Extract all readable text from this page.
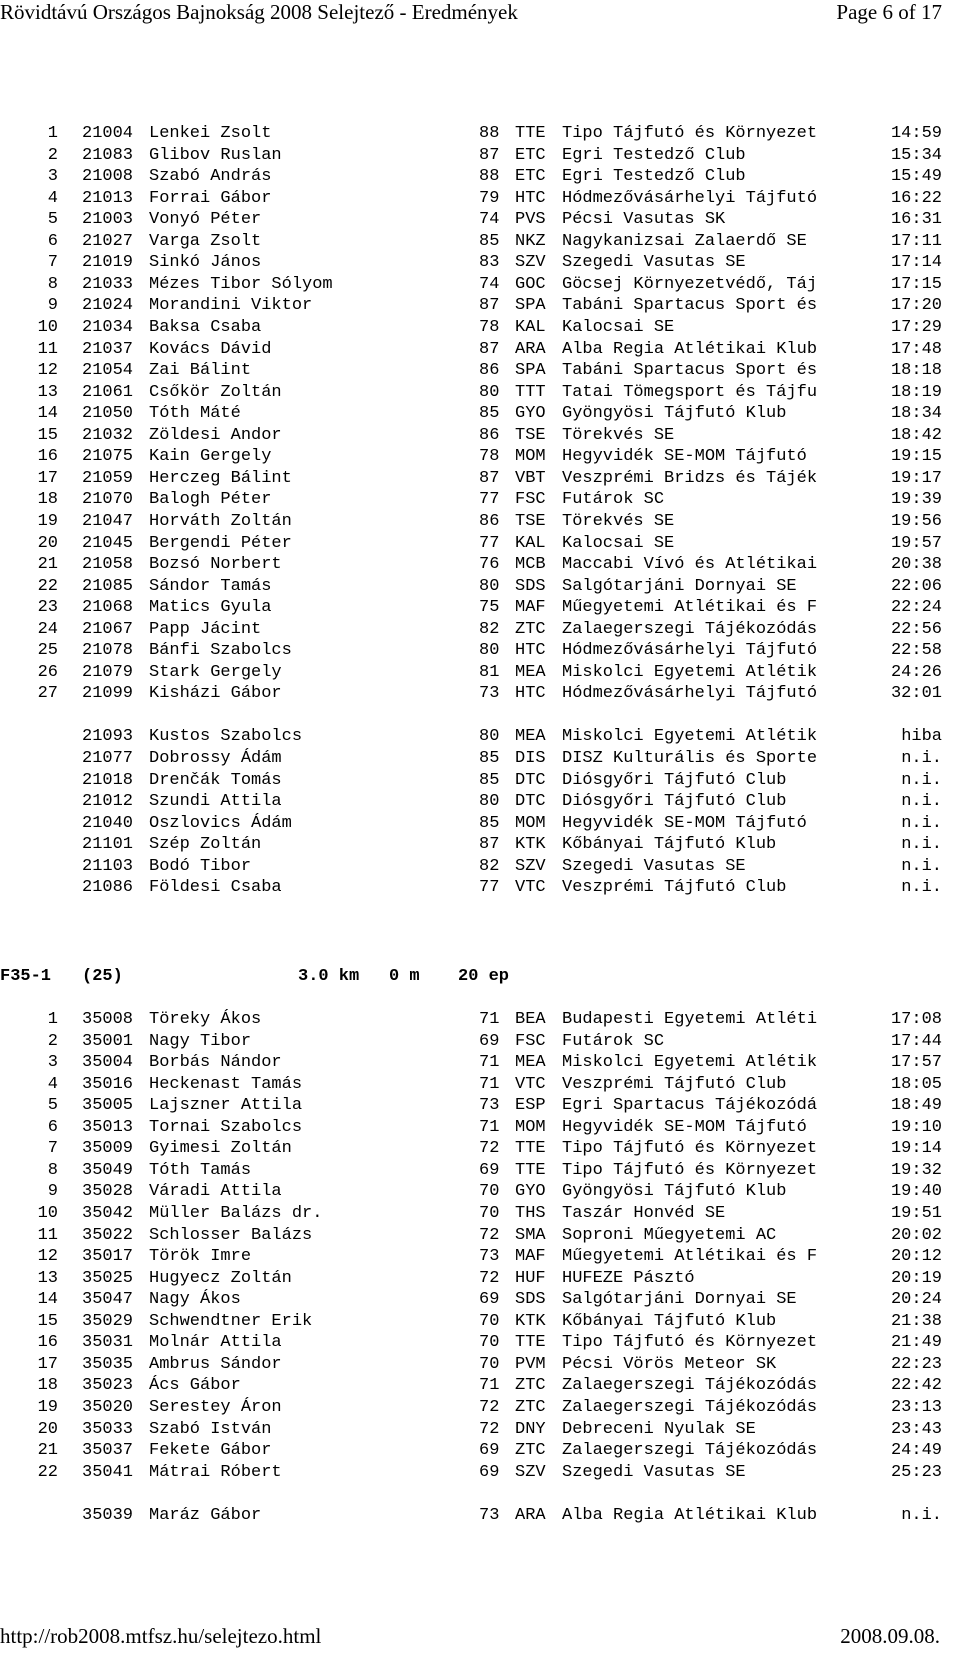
Rövidtávú Országos Bajnokság 2008 Selejtező - Eredmények	Page 6 of 17
1 21004 Lenkei Zsolt	88 TTE Tipo Tájfutó és Környezet	14:59
2 21083 Glibov Ruslan	87 ETC Egri Testedző Club	15:34
3 21008 Szabó András	88 ETC Egri Testedző Club	15:49
4 21013 Forrai Gábor	79 HTC Hódmezővásárhelyi Tájfutó	16:22
5 21003 Vonyó Péter	74 PVS Pécsi Vasutas SK	16:31
6 21027 Varga Zsolt	85 NKZ Nagykanizsai Zalaerdő SE	17:11
7 21019 Sinkó János	83 SZV Szegedi Vasutas SE	17:14
8 21033 Mézes Tibor Sólyom	74 GOC Göcsej Környezetvédő, Táj	17:15
9 21024 Morandini Viktor	87 SPA Tabáni Spartacus Sport és	17:20
10 21034 Baksa Csaba	78 KAL Kalocsai SE	17:29
11 21037 Kovács Dávid	87 ARA Alba Regia Atlétikai Klub	17:48
12 21054 Zai Bálint	86 SPA Tabáni Spartacus Sport és	18:18
13 21061 Csőkör Zoltán	80 TTT Tatai Tömegsport és Tájfu	18:19
14 21050 Tóth Máté	85 GYO Gyöngyösi Tájfutó Klub	18:34
15 21032 Zöldesi Andor	86 TSE Törekvés SE	18:42
16 21075 Kain Gergely	78 MOM Hegyvidék SE-MOM Tájfutó	19:15
17 21059 Herczeg Bálint	87 VBT Veszprémi Bridzs és Tájék	19:17
18 21070 Balogh Péter	77 FSC Futárok SC	19:39
19 21047 Horváth Zoltán	86 TSE Törekvés SE	19:56
20 21045 Bergendi Péter	77 KAL Kalocsai SE	19:57
21 21058 Bozsó Norbert	76 MCB Maccabi Vívó és Atlétikai	20:38
22 21085 Sándor Tamás	80 SDS Salgótarjáni Dornyai SE	22:06
23 21068 Matics Gyula	75 MAF Műegyetemi Atlétikai és F	22:24
24 21067 Papp Jácint	82 ZTC Zalaegerszegi Tájékozódás	22:56
25 21078 Bánfi Szabolcs	80 HTC Hódmezővásárhelyi Tájfutó	22:58
26 21079 Stark Gergely	81 MEA Miskolci Egyetemi Atlétik	24:26
27 21099 Kisházi Gábor	73 HTC Hódmezővásárhelyi Tájfutó	32:01
21093 Kustos Szabolcs	80 MEA Miskolci Egyetemi Atlétik	hiba
21077 Dobrossy Ádám	85 DIS DISZ Kulturális és Sporte	n.i.
21018 Drenčák Tomás	85 DTC Diósgyőri Tájfutó Club	n.i.
21012 Szundi Attila	80 DTC Diósgyőri Tájfutó Club	n.i.
21040 Oszlovics Ádám	85 MOM Hegyvidék SE-MOM Tájfutó	n.i.
21101 Szép Zoltán	87 KTK Kőbányai Tájfutó Klub	n.i.
21103 Bodó Tibor	82 SZV Szegedi Vasutas SE	n.i.
21086 Földesi Csaba	77 VTC Veszprémi Tájfutó Club	n.i.
1 35008 Töreky Ákos	71 BEA Budapesti Egyetemi Atléti	17:08
2 35001 Nagy Tibor	69 FSC Futárok SC	17:44
3 35004 Borbás Nándor	71 MEA Miskolci Egyetemi Atlétik	17:57
4 35016 Heckenast Tamás	71 VTC Veszprémi Tájfutó Club	18:05
5 35005 Lajszner Attila	73 ESP Egri Spartacus Tájékozódá	18:49
6 35013 Tornai Szabolcs	71 MOM Hegyvidék SE-MOM Tájfutó	19:10
7 35009 Gyimesi Zoltán	72 TTE Tipo Tájfutó és Környezet	19:14
8 35049 Tóth Tamás	69 TTE Tipo Tájfutó és Környezet	19:32
9 35028 Váradi Attila	70 GYO Gyöngyösi Tájfutó Klub	19:40
10 35042 Müller Balázs dr.	70 THS Taszár Honvéd SE	19:51
11 35022 Schlosser Balázs	72 SMA Soproni Műegyetemi AC	20:02
12 35017 Török Imre	73 MAF Műegyetemi Atlétikai és F	20:12
13 35025 Hugyecz Zoltán	72 HUF HUFEZE Pásztó	20:19
14 35047 Nagy Ákos	69 SDS Salgótarjáni Dornyai SE	20:24
15 35029 Schwendtner Erik	70 KTK Kőbányai Tájfutó Klub	21:38
16 35031 Molnár Attila	70 TTE Tipo Tájfutó és Környezet	21:49
17 35035 Ambrus Sándor	70 PVM Pécsi Vörös Meteor SK	22:23
18 35023 Ács Gábor	71 ZTC Zalaegerszegi Tájékozódás	22:42
19 35020 Serestey Áron	72 ZTC Zalaegerszegi Tájékozódás	23:13
20 35033 Szabó István	72 DNY Debreceni Nyulak SE	23:43
21 35037 Fekete Gábor	69 ZTC Zalaegerszegi Tájékozódás	24:49
22 35041 Mátrai Róbert	69 SZV Szegedi Vasutas SE	25:23
35039 Maráz Gábor	73 ARA Alba Regia Atlétikai Klub	n.i.

F35-1

(25)

	3.0 km

0 m

20 ep

http://rob2008.mtfsz.hu/selejtezo.html	2008.09.08.
